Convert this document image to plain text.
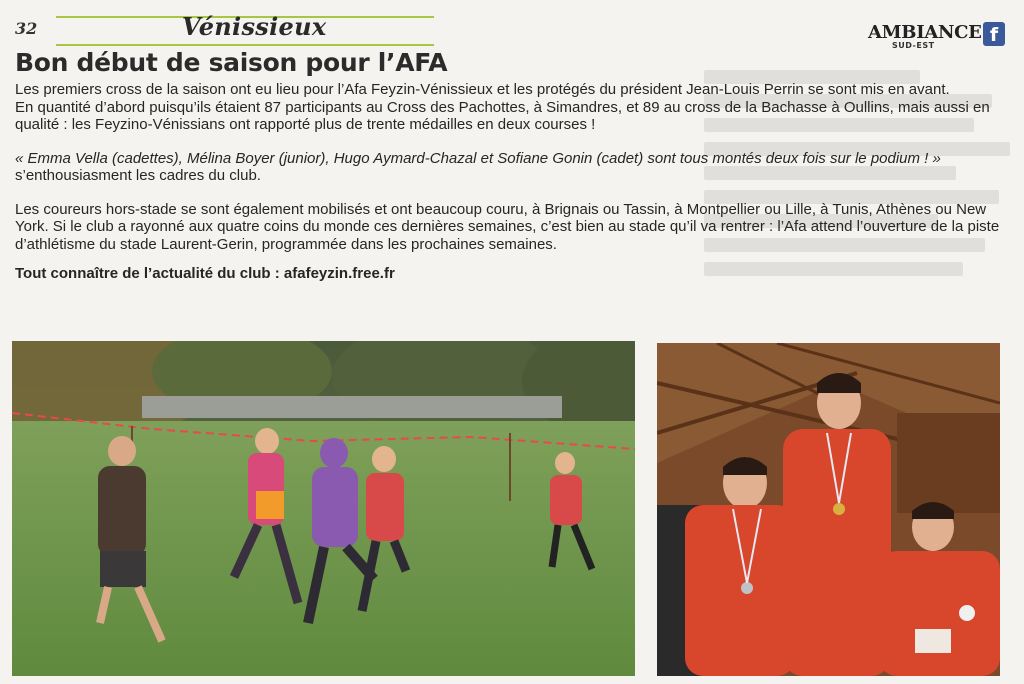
32	Vénissieux	AMBIANCE
SUD-EST	f
Bon début de saison pour l’AFA

Les premiers cross de la saison ont eu lieu pour l’Afa Feyzin-Vénissieux et les protégés du président Jean-Louis Perrin se sont mis en avant.

En quantité d’abord puisqu’ils étaient 87 participants au Cross des Pachottes, à Simandres, et 89 au cross de la Bachasse à Oullins, mais aussi en qualité : les Feyzino-Vénissians ont rapporté plus de trente médailles en deux courses !

« Emma Vella (cadettes), Mélina Boyer (junior), Hugo Aymard-Chazal et Sofiane Gonin (cadet) sont tous montés deux fois sur le podium ! » s’enthousiasment les cadres du club.

Les coureurs hors-stade se sont également mobilisés et ont beaucoup couru, à Brignais ou Tassin, à Montpellier ou Lille, à Tunis, Athènes ou New York. Si le club a rayonné aux quatre coins du monde ces dernières semaines, c’est bien au stade qu’il va rentrer : l’Afa attend l’ouverture de la piste d’athlétisme du stade Laurent-Gerin, programmée dans les prochaines semaines.

Tout connaître de l’actualité du club : afafeyzin.free.fr
